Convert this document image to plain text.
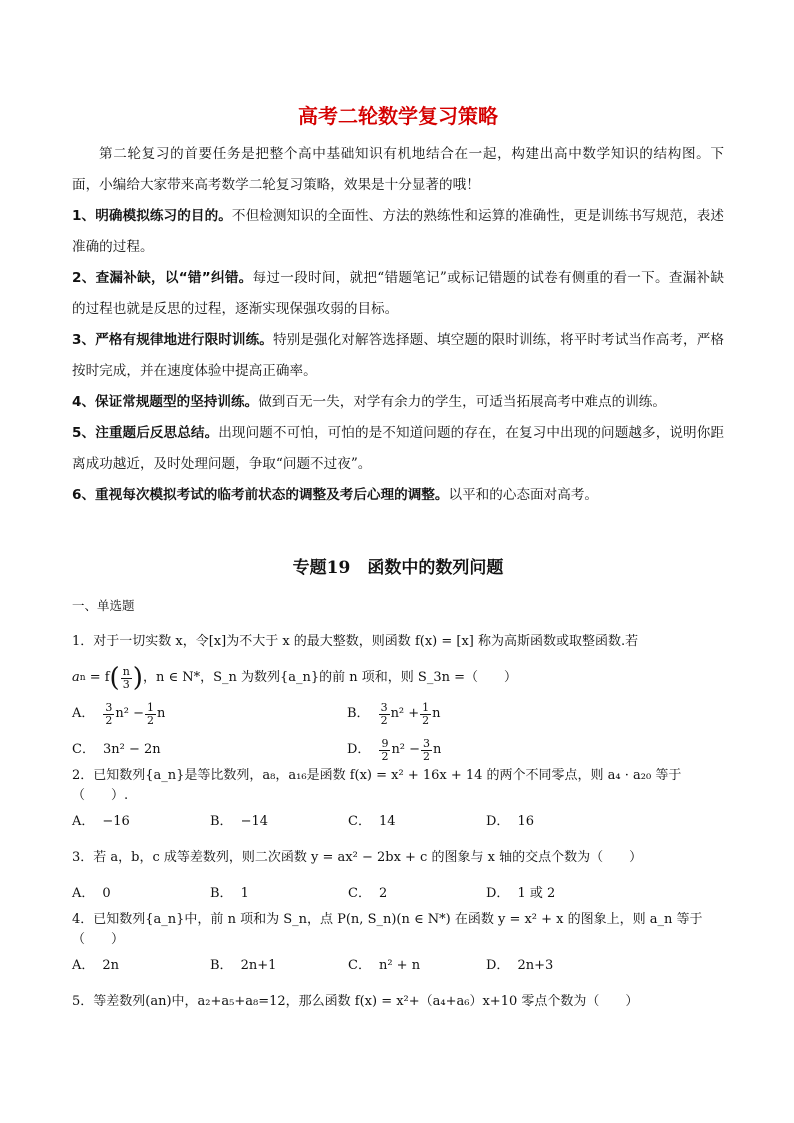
高考二轮数学复习策略

第二轮复习的首要任务是把整个高中基础知识有机地结合在一起，构建出高中数学知识的结构图。下面，小编给大家带来高考数学二轮复习策略，效果是十分显著的哦！

1、明确模拟练习的目的。不但检测知识的全面性、方法的熟练性和运算的准确性，更是训练书写规范，表述准确的过程。

2、查漏补缺，以“错”纠错。每过一段时间，就把“错题笔记”或标记错题的试卷有侧重的看一下。查漏补缺的过程也就是反思的过程，逐渐实现保强攻弱的目标。

3、严格有规律地进行限时训练。特别是强化对解答选择题、填空题的限时训练，将平时考试当作高考，严格按时完成，并在速度体验中提高正确率。

4、保证常规题型的坚持训练。做到百无一失，对学有余力的学生，可适当拓展高考中难点的训练。

5、注重题后反思总结。出现问题不可怕，可怕的是不知道问题的存在，在复习中出现的问题越多，说明你距离成功越近，及时处理问题，争取“问题不过夜”。

6、重视每次模拟考试的临考前状态的调整及考后心理的调整。以平和的心态面对高考。

专题19　函数中的数列问题

一、单选题

1．对于一切实数 x，令[x]为不大于 x 的最大整数，则函数 f(x) = [x] 称为高斯函数或取整函数.若
a n
= f ( $\frac{n}{3}$ ) ，n ∈ N*，S_n 为数列{a_n}的前 n 项和，则 S_3n =（　　）
A． $\frac{3}{2} n^2 - \frac{1}{2}$ n	B． $\frac{3}{2} n^2 + \frac{1}{2}$ n
C． 3n² − 2n	D． $\frac{9}{2} n^2 - \frac{3}{2}$ n
2．已知数列{a_n}是等比数列，a₈，a₁₆是函数 f(x) = x² + 16x + 14 的两个不同零点，则 a₄ · a₂₀ 等于（　　）.
A． −16	B． −14	C． 14	D． 16
3．若 a，b，c 成等差数列，则二次函数 y = ax² − 2bx + c 的图象与 x 轴的交点个数为（　　）
A． 0	B． 1	C． 2	D． 1 或 2
4．已知数列{a_n}中，前 n 项和为 S_n，点 P(n, S_n)(n ∈ N*) 在函数 y = x² + x 的图象上，则 a_n 等于（　　）
A． 2n	B． 2n+1	C． n² + n	D． 2n+3
5．等差数列(an)中，a₂+a₅+a₈=12，那么函数 f(x) = x²+（a₄+a₆）x+10 零点个数为（　　）
